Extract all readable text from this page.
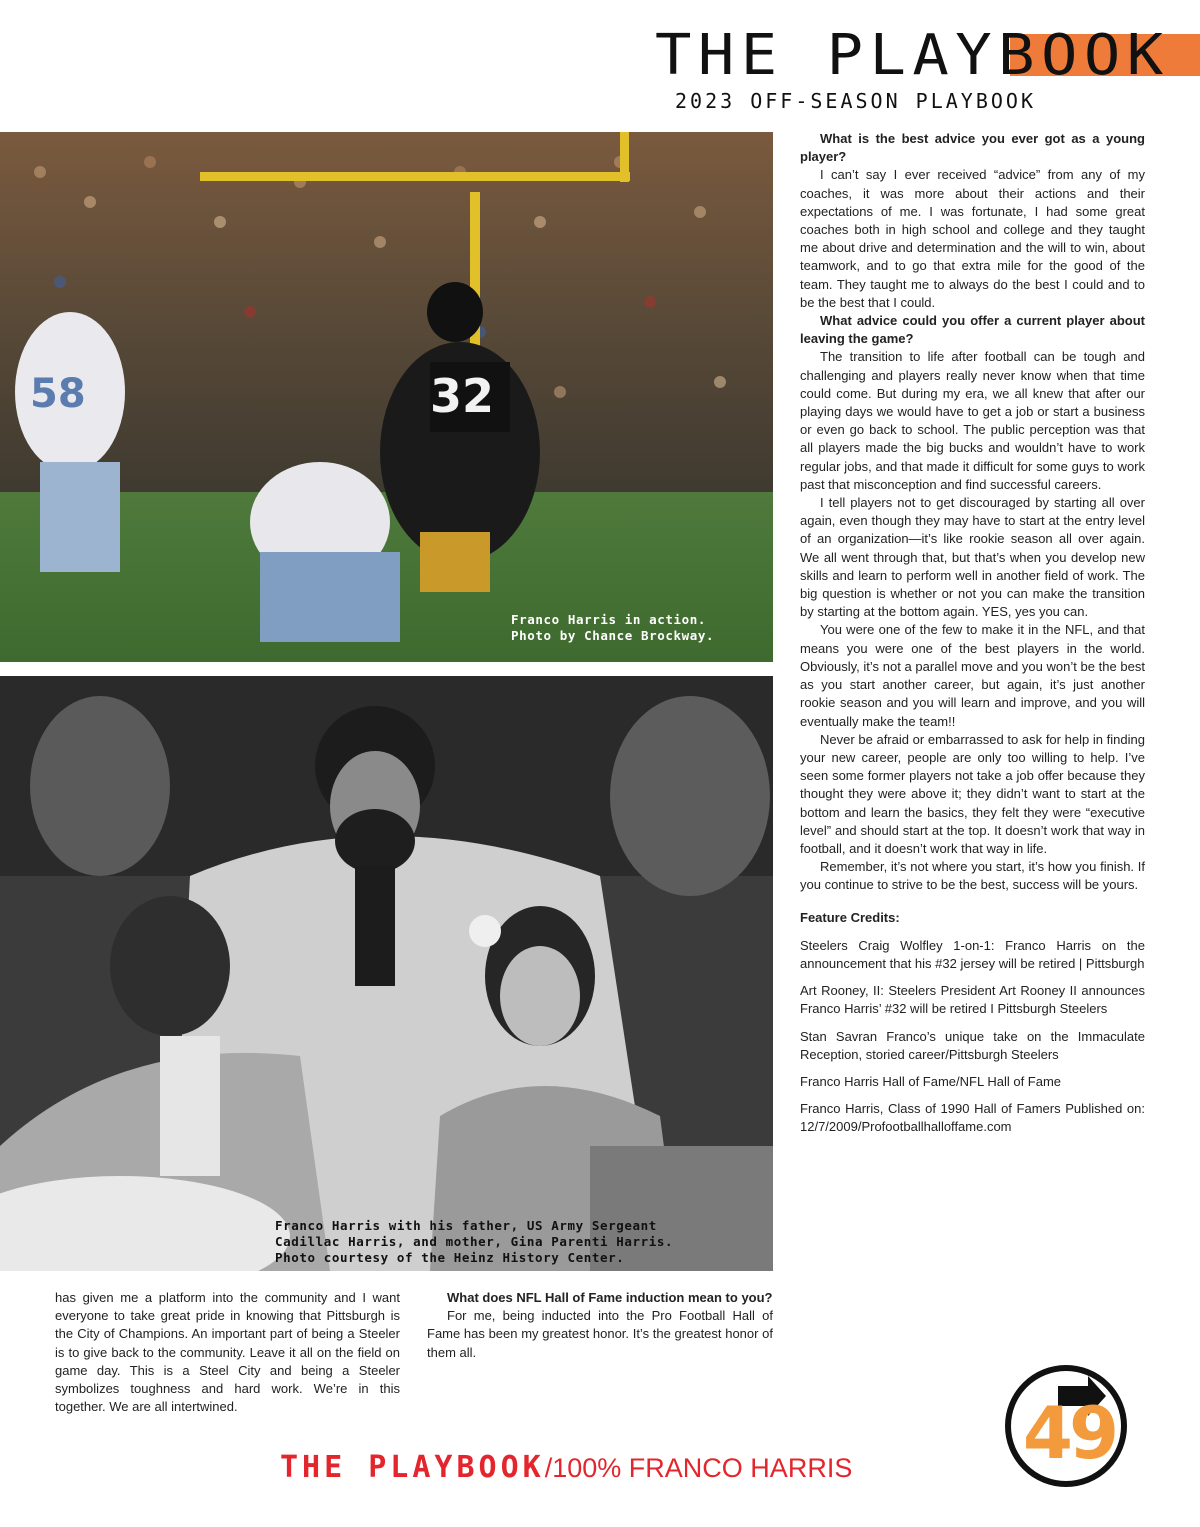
THE PLAYBOOK
2023 OFF-SEASON PLAYBOOK
32
58
Franco Harris in action.
Photo by Chance Brockway.
Franco Harris with his father, US Army Sergeant
Cadillac Harris, and mother, Gina Parenti Harris.
Photo courtesy of the Heinz History Center.

What is the best advice you ever got as a young player?

I can’t say I ever received “advice” from any of my coaches, it was more about their actions and their expectations of me. I was fortunate, I had some great coaches both in high school and college and they taught me about drive and determination and the will to win, about teamwork, and to go that extra mile for the good of the team. They taught me to always do the best I could and to be the best that I could.

What advice could you offer a current player about leaving the game?

The transition to life after football can be tough and challenging and players really never know when that time could come. But during my era, we all knew that after our playing days we would have to get a job or start a business or even go back to school. The public perception was that all players made the big bucks and wouldn’t have to work regular jobs, and that made it difficult for some guys to work past that misconception and find successful careers.

I tell players not to get discouraged by starting all over again, even though they may have to start at the entry level of an organization—it’s like rookie season all over again. We all went through that, but that’s when you develop new skills and learn to perform well in another field of work. The big question is whether or not you can make the transition by starting at the bottom again. YES, yes you can.

You were one of the few to make it in the NFL, and that means you were one of the best players in the world. Obviously, it’s not a parallel move and you won’t be the best as you start another career, but again, it’s just another rookie season and you will learn and improve, and you will eventually make the team!!

Never be afraid or embarrassed to ask for help in finding your new career, people are only too willing to help. I’ve seen some former players not take a job offer because they thought they were above it; they didn’t want to start at the bottom and learn the basics, they felt they were “executive level” and should start at the top. It doesn’t work that way in football, and it doesn’t work that way in life.

Remember, it’s not where you start, it’s how you finish. If you continue to strive to be the best, success will be yours.

Feature Credits:
Steelers Craig Wolfley 1-on-1: Franco Harris on the announcement that his #32 jersey will be retired | Pittsburgh
Art Rooney, II: Steelers President Art Rooney II announces Franco Harris’ #32 will be retired I Pittsburgh Steelers
Stan Savran Franco’s unique take on the Immaculate Reception, storied career/Pittsburgh Steelers
Franco Harris Hall of Fame/NFL Hall of Fame
Franco Harris, Class of 1990 Hall of Famers Published on: 12/7/2009/Profootballhalloffame.com

has given me a platform into the community and I want everyone to take great pride in knowing that Pittsburgh is the City of Champions. An important part of being a Steeler is to give back to the community. Leave it all on the field on game day. This is a Steel City and being a Steeler symbolizes toughness and hard work. We’re in this together. We are all intertwined.

What does NFL Hall of Fame induction mean to you?

For me, being inducted into the Pro Football Hall of Fame has been my greatest honor. It’s the greatest honor of them all.

49
THE PLAYBOOK/100% FRANCO HARRIS
